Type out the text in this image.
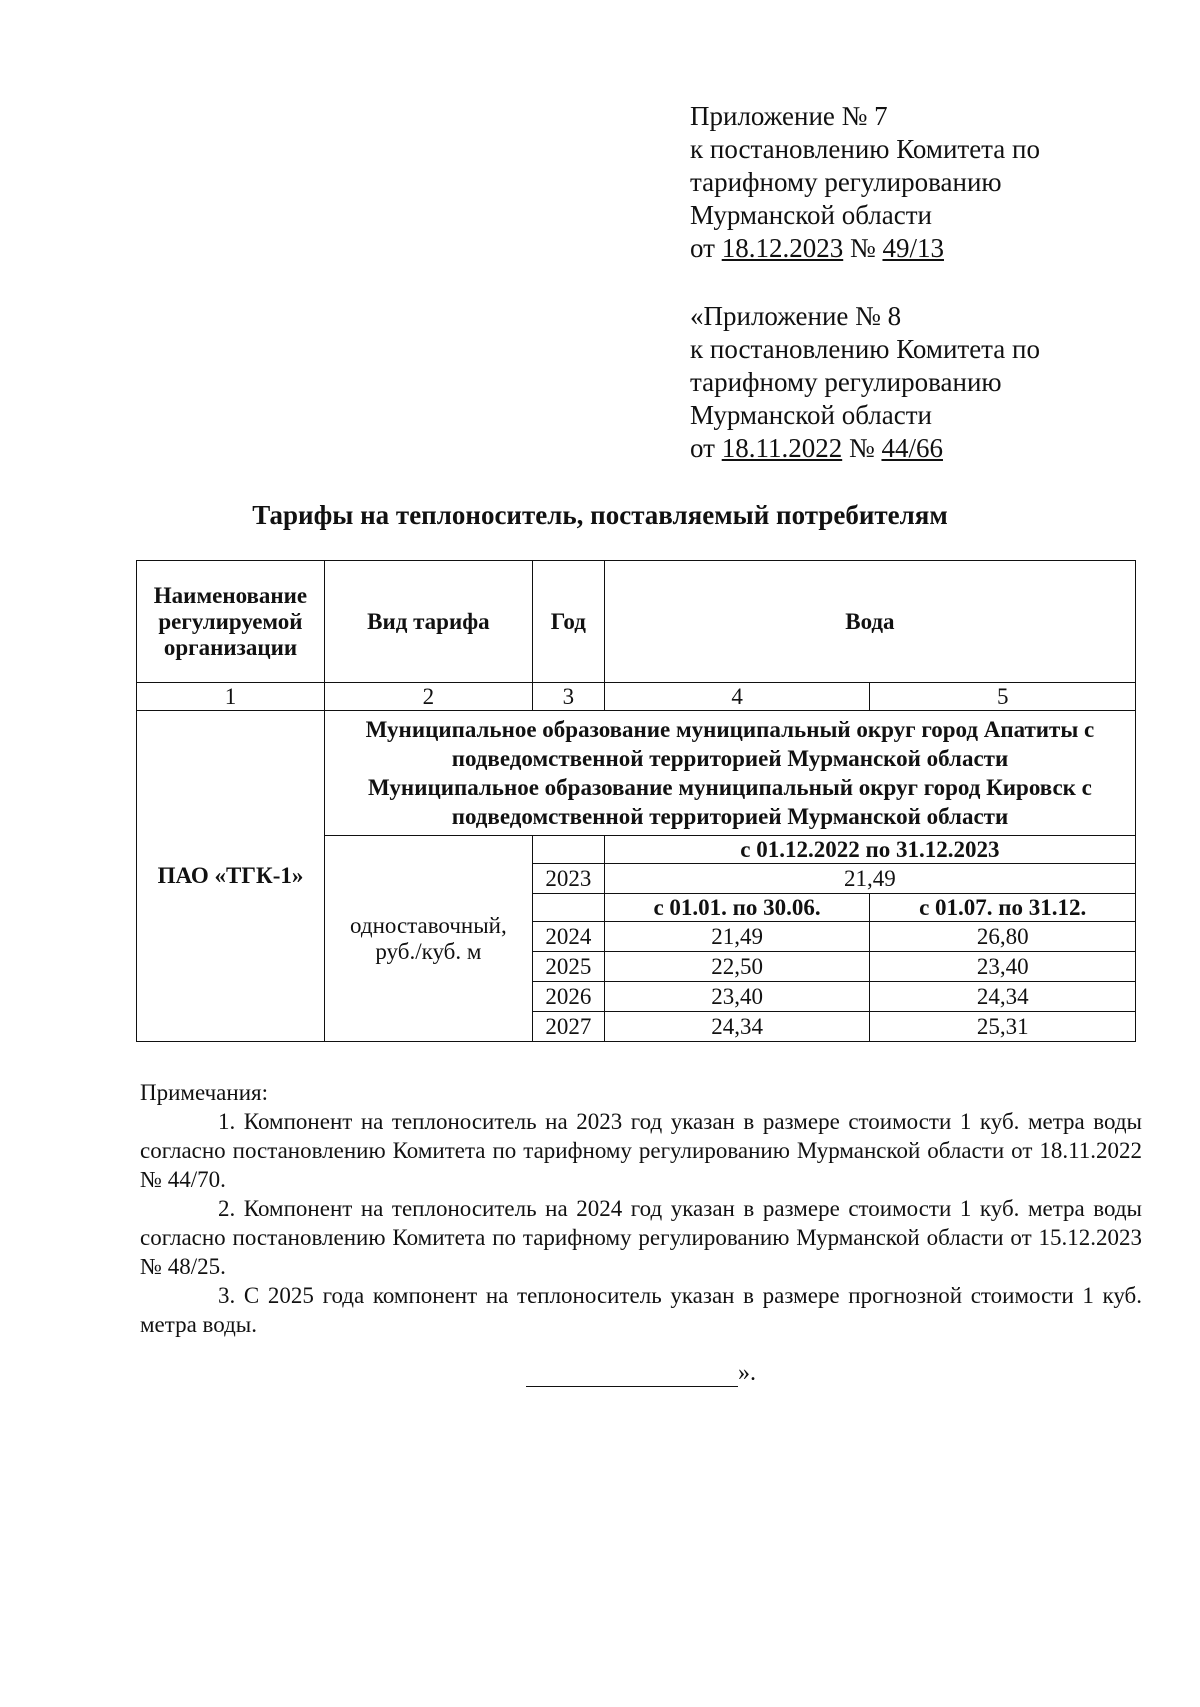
Приложение № 7
к постановлению Комитета по
тарифному регулированию
Мурманской области
от 18.12.2023 № 49/13
«Приложение № 8
к постановлению Комитета по
тарифному регулированию
Мурманской области
от 18.11.2022 № 44/66
Тарифы на теплоноситель, поставляемый потребителям
Наименование регулируемой организации	Вид тарифа	Год	Вода	
1	2	3	4	5
ПАО «ТГК-1»	Муниципальное образование муниципальный округ город Апатиты с подведомственной территорией Мурманской области
Муниципальное образование муниципальный округ город Кировск с подведомственной территорией Мурманской области			

	одноставочный, руб./куб. м		с 01.12.2022 по 31.12.2023	
		2023	21,49	
			с 01.01. по 30.06.	с 01.07. по 31.12.
		2024	21,49	26,80
		2025	22,50	23,40
		2026	23,40	24,34
		2027	24,34	25,31

Примечания:

1. Компонент на теплоноситель на 2023 год указан в размере стоимости 1 куб. метра воды согласно постановлению Комитета по тарифному регулированию Мурманской области от 18.11.2022 № 44/70.

2. Компонент на теплоноситель на 2024 год указан в размере стоимости 1 куб. метра воды согласно постановлению Комитета по тарифному регулированию Мурманской области от 15.12.2023 № 48/25.

3. С 2025 года компонент на теплоноситель указан в размере прогнозной стоимости 1 куб. метра воды.

».
